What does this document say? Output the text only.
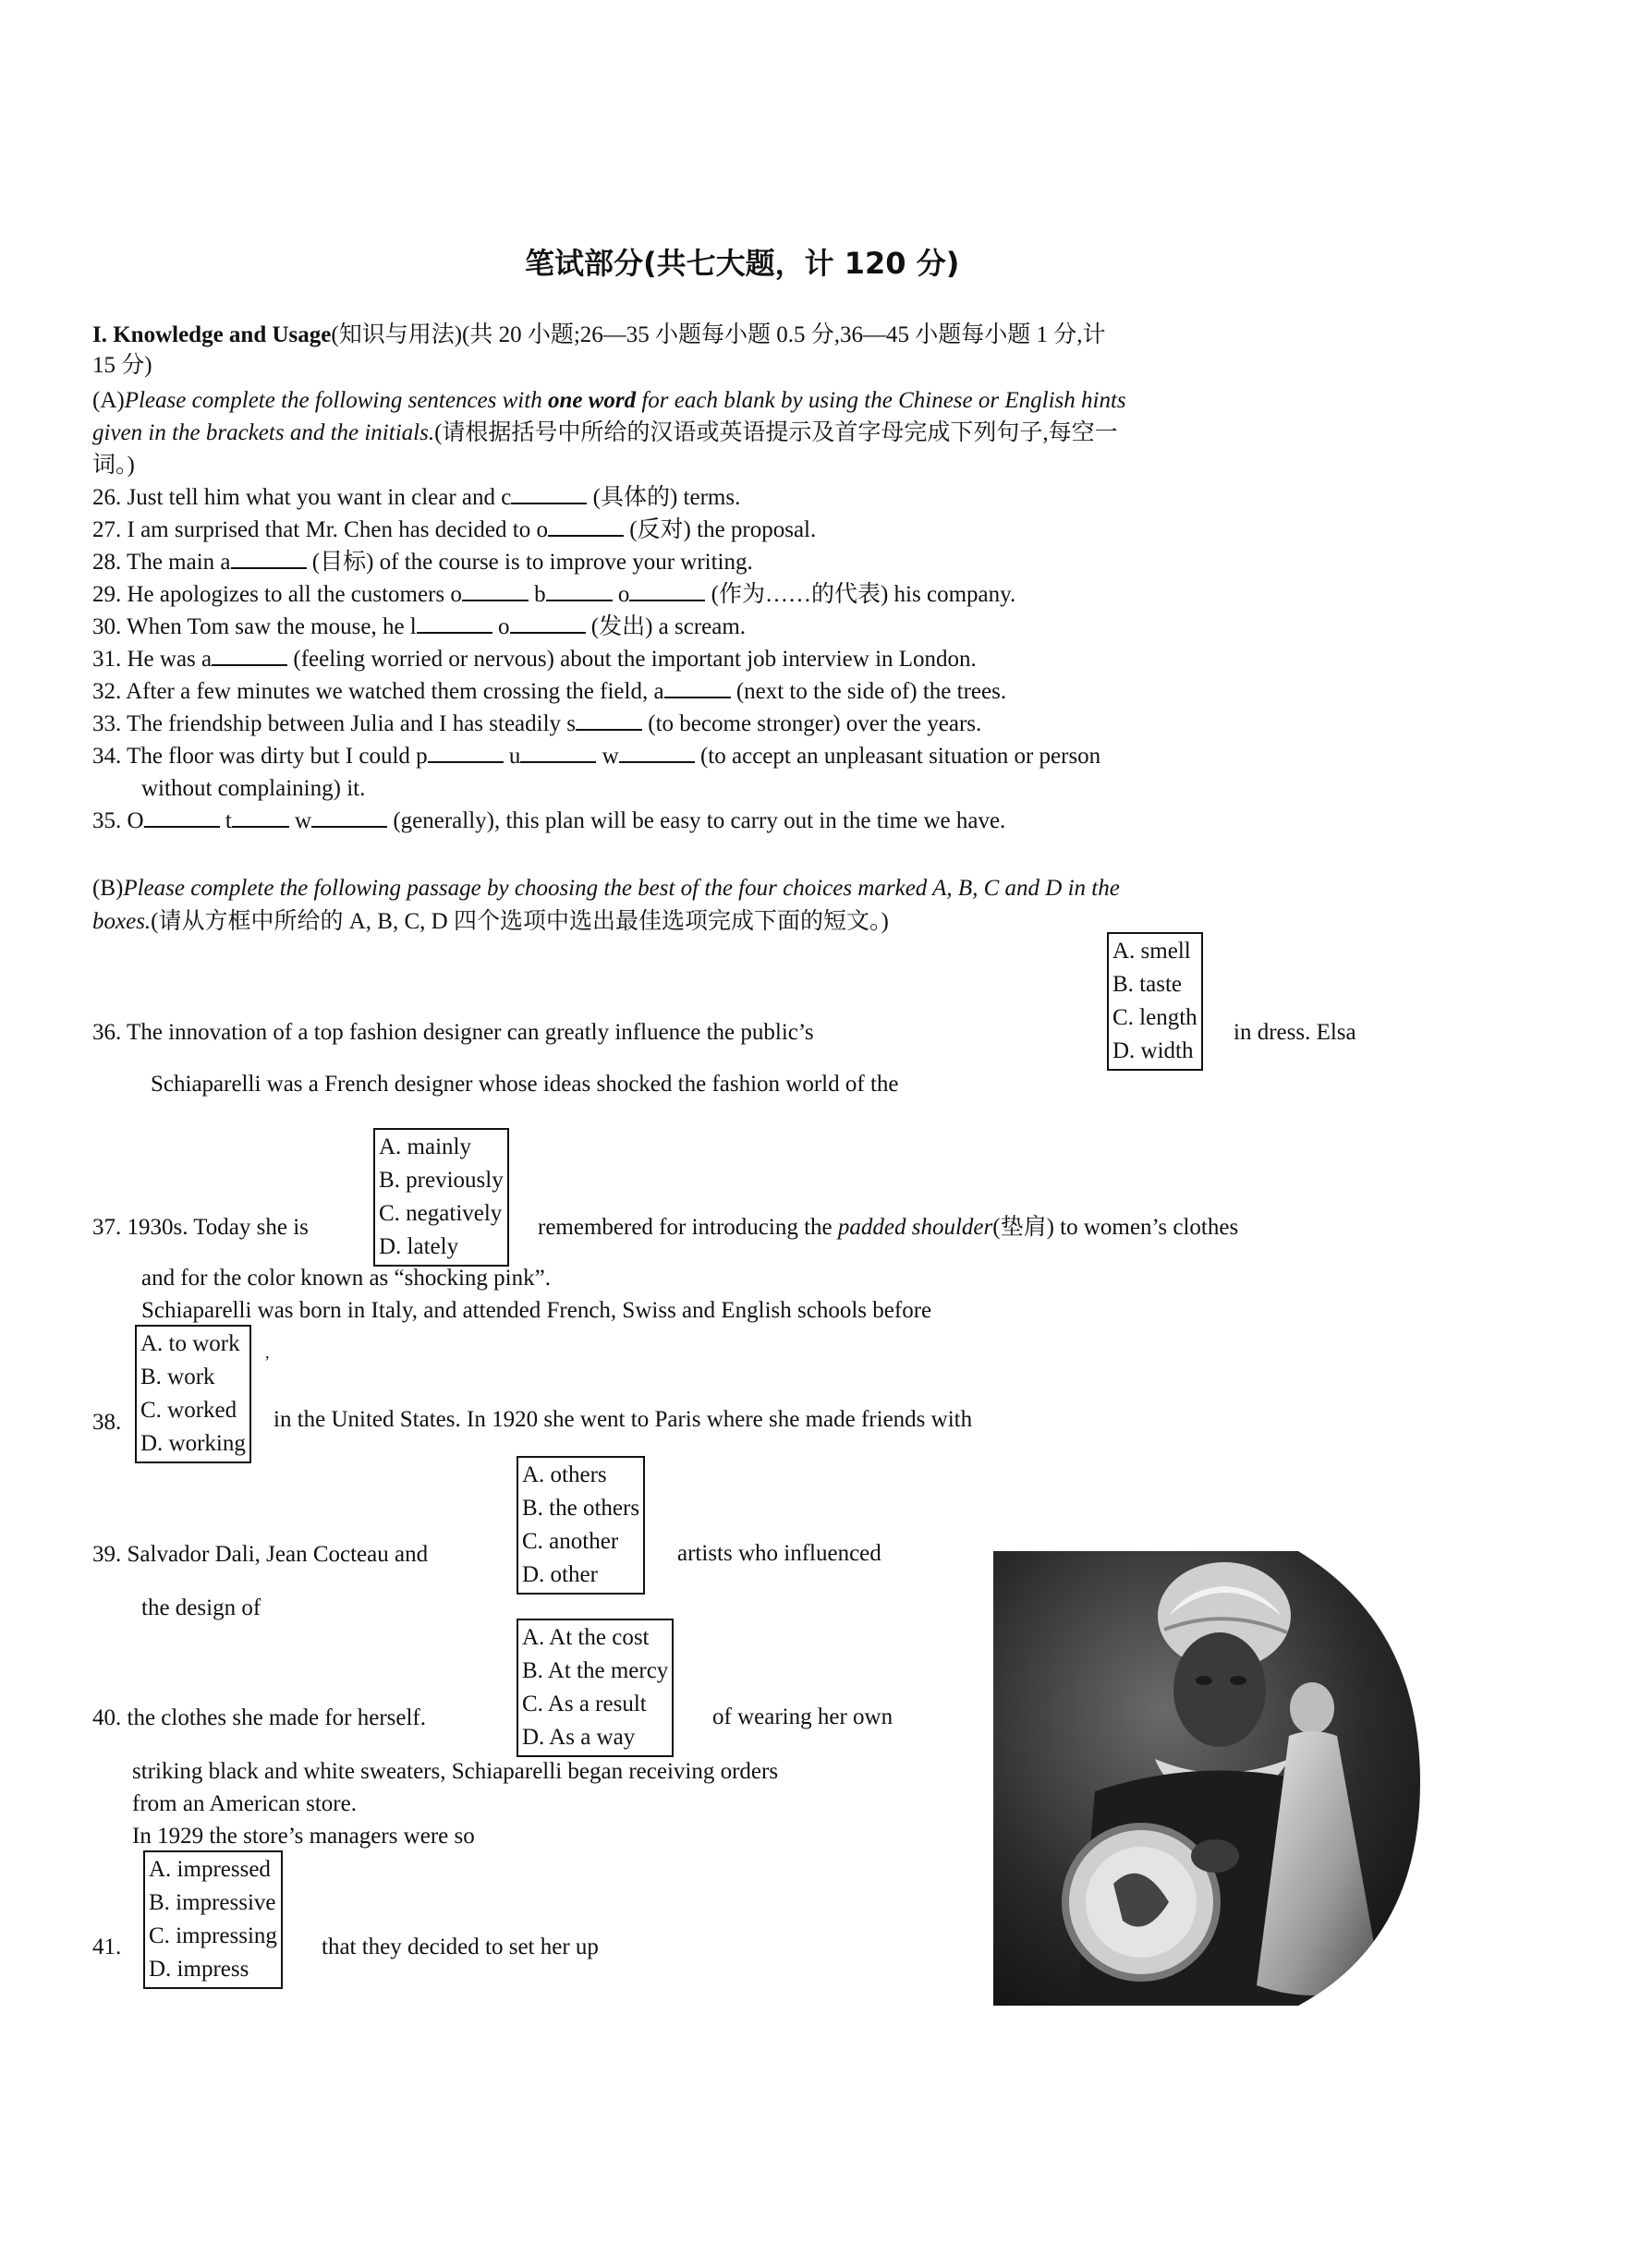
笔试部分(共七大题，计 120 分)
I. Knowledge and Usage(知识与用法)(共 20 小题;26—35 小题每小题 0.5 分,36—45 小题每小题 1 分,计
15 分)
(A)Please complete the following sentences with one word for each blank by using the Chinese or English hints
given in the brackets and the initials.(请根据括号中所给的汉语或英语提示及首字母完成下列句子,每空一
词。)
26. Just tell him what you want in clear and c	(具体的) terms.
27. I am surprised that Mr. Chen has decided to o	(反对) the proposal.
28. The main a	(目标) of the course is to improve your writing.
29. He apologizes to all the customers o	b	o	(作为……的代表) his company.
30. When Tom saw the mouse, he l	o	(发出) a scream.
31. He was a	(feeling worried or nervous) about the important job interview in London.
32. After a few minutes we watched them crossing the field, a	(next to the side of) the trees.
33. The friendship between Julia and I has steadily s	(to become stronger) over the years.
34. The floor was dirty but I could p	u	w	(to accept an unpleasant situation or person
without complaining) it.
35. O	t	w	(generally), this plan will be easy to carry out in the time we have.
(B)Please complete the following passage by choosing the best of the four choices marked A, B, C and D in the
boxes.(请从方框中所给的 A, B, C, D 四个选项中选出最佳选项完成下面的短文。)
A. smell
B. taste
C. length
D. width
36. The innovation of a top fashion designer can greatly influence the public’s	in dress. Elsa
Schiaparelli was a French designer whose ideas shocked the fashion world of the
A. mainly
B. previously
C. negatively
D. lately
37. 1930s. Today she is	remembered for introducing the padded shoulder(垫肩) to women’s clothes
and for the color known as “shocking pink”.
Schiaparelli was born in Italy, and attended French, Swiss and English schools before
A. to work
B. work
C. worked
D. working
,
38.	in the United States. In 1920 she went to Paris where she made friends with
A. others
B. the others
C. another
D. other
39. Salvador Dali, Jean Cocteau and	artists who influenced
the design of
A. At the cost
B. At the mercy
C. As a result
D. As a way
40. the clothes she made for herself.	of wearing her own
striking black and white sweaters, Schiaparelli began receiving orders
from an American store.
In 1929 the store’s managers were so
A. impressed
B. impressive
C. impressing
D. impress
41.	that they decided to set her up
